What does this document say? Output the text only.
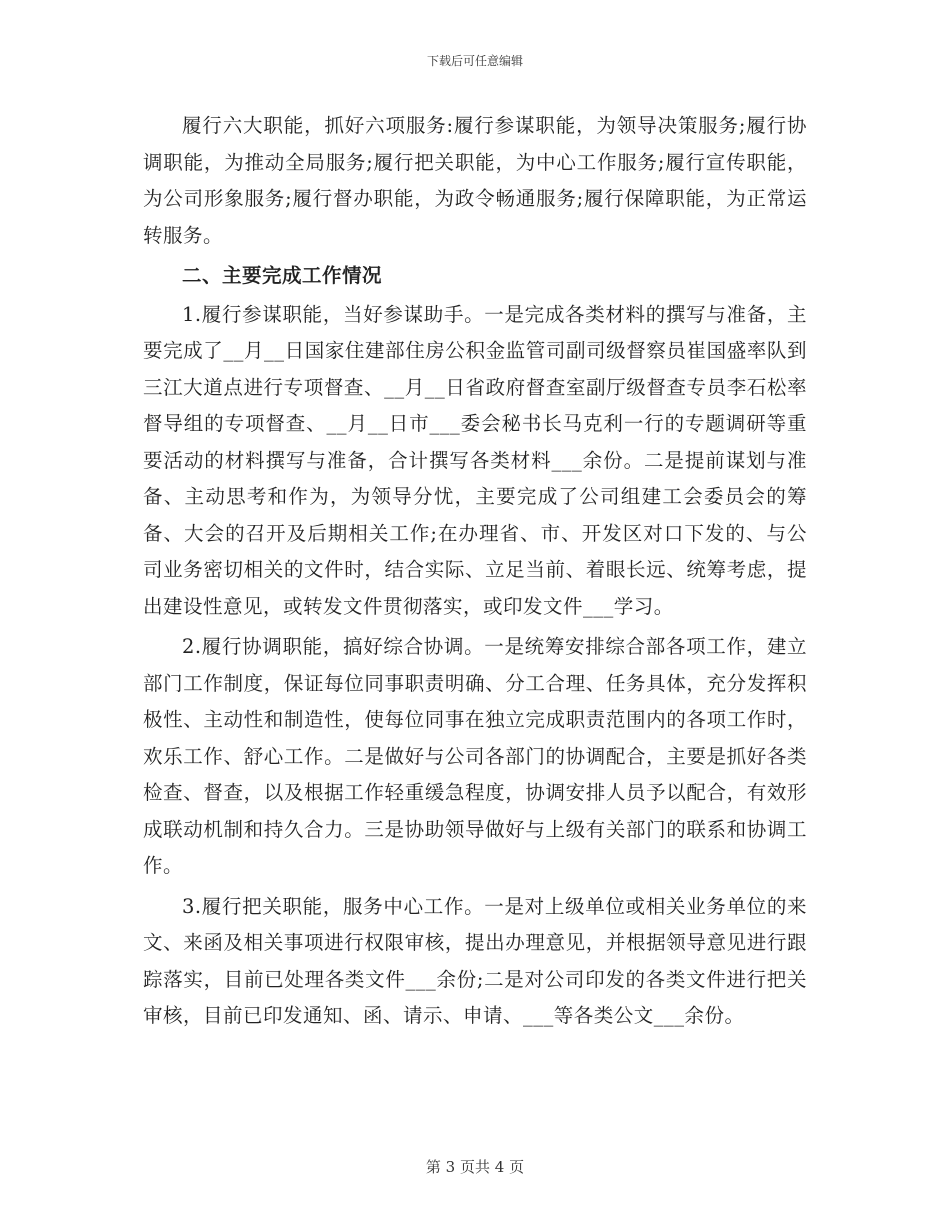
下载后可任意编辑

履行六大职能，抓好六项服务:履行参谋职能，为领导决策服务;履行协调职能，为推动全局服务;履行把关职能，为中心工作服务;履行宣传职能，为公司形象服务;履行督办职能，为政令畅通服务;履行保障职能，为正常运转服务。

二、主要完成工作情况

1.履行参谋职能，当好参谋助手。一是完成各类材料的撰写与准备，主要完成了__月__日国家住建部住房公积金监管司副司级督察员崔国盛率队到三江大道点进行专项督查、__月__日省政府督查室副厅级督查专员李石松率督导组的专项督查、__月__日市___委会秘书长马克利一行的专题调研等重要活动的材料撰写与准备，合计撰写各类材料___余份。二是提前谋划与准备、主动思考和作为，为领导分忧，主要完成了公司组建工会委员会的筹备、大会的召开及后期相关工作;在办理省、市、开发区对口下发的、与公司业务密切相关的文件时，结合实际、立足当前、着眼长远、统筹考虑，提出建设性意见，或转发文件贯彻落实，或印发文件___学习。

2.履行协调职能，搞好综合协调。一是统筹安排综合部各项工作，建立部门工作制度，保证每位同事职责明确、分工合理、任务具体，充分发挥积极性、主动性和制造性，使每位同事在独立完成职责范围内的各项工作时，欢乐工作、舒心工作。二是做好与公司各部门的协调配合，主要是抓好各类检查、督查，以及根据工作轻重缓急程度，协调安排人员予以配合，有效形成联动机制和持久合力。三是协助领导做好与上级有关部门的联系和协调工作。

3.履行把关职能，服务中心工作。一是对上级单位或相关业务单位的来文、来函及相关事项进行权限审核，提出办理意见，并根据领导意见进行跟踪落实，目前已处理各类文件___余份;二是对公司印发的各类文件进行把关审核，目前已印发通知、函、请示、申请、___等各类公文___余份。

第 3 页共 4 页
